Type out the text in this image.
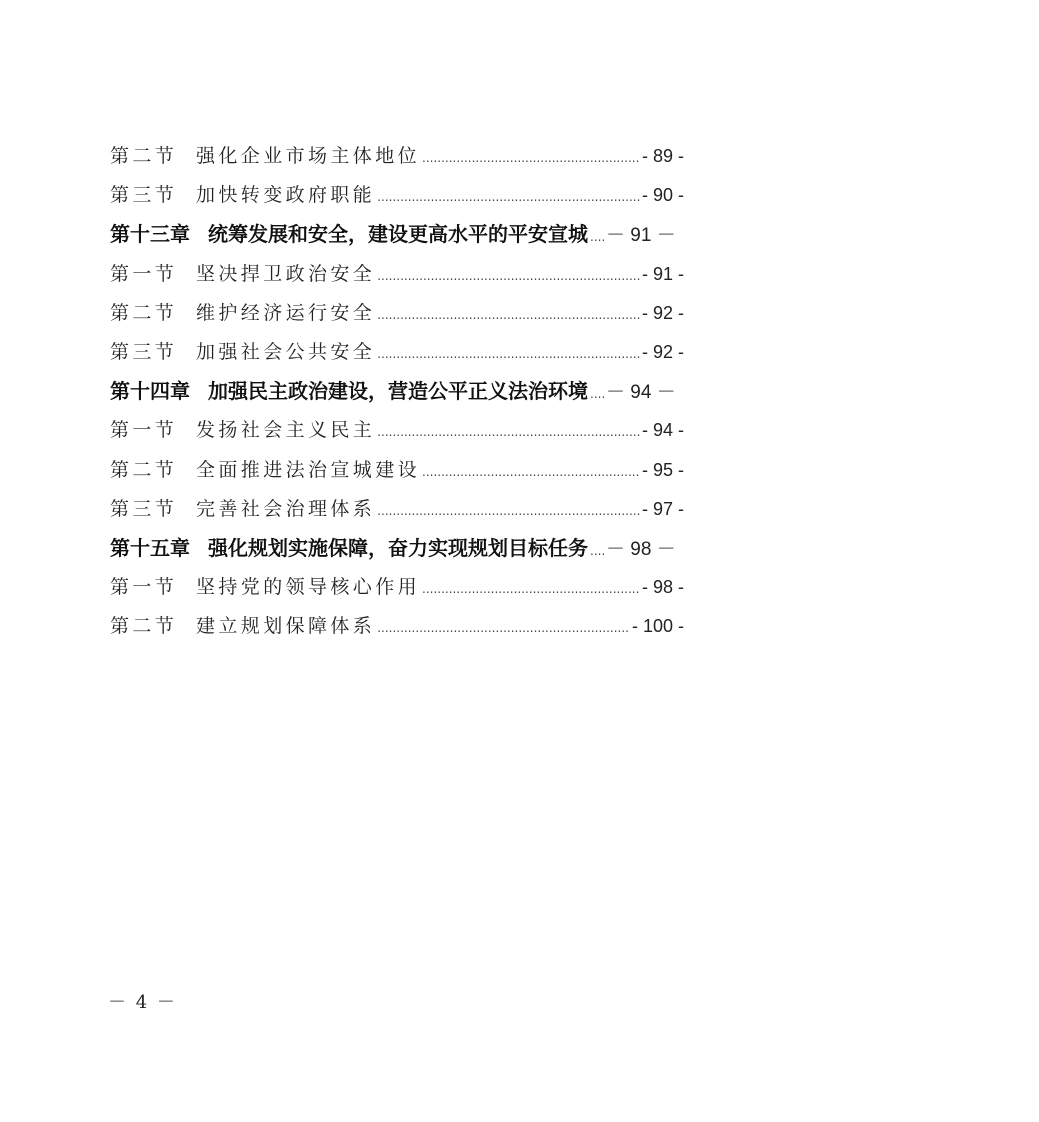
第二节 强化企业市场主体地位 .....	- 89 -
第三节 加快转变政府职能 .....	- 90 -
第十三章 统筹发展和安全，建设更高水平的平安宣城 ..... － 91 －
第一节 坚决捍卫政治安全 .....	- 91 -
第二节 维护经济运行安全 .....	- 92 -
第三节 加强社会公共安全 .....	- 92 -
第十四章 加强民主政治建设，营造公平正义法治环境 ..... － 94 －
第一节 发扬社会主义民主 .....	- 94 -
第二节 全面推进法治宣城建设 .....	- 95 -
第三节 完善社会治理体系 .....	- 97 -
第十五章 强化规划实施保障，奋力实现规划目标任务 ..... － 98 －
第一节 坚持党的领导核心作用 .....	- 98 -
第二节 建立规划保障体系 .....	- 100 -
－ 4 －
